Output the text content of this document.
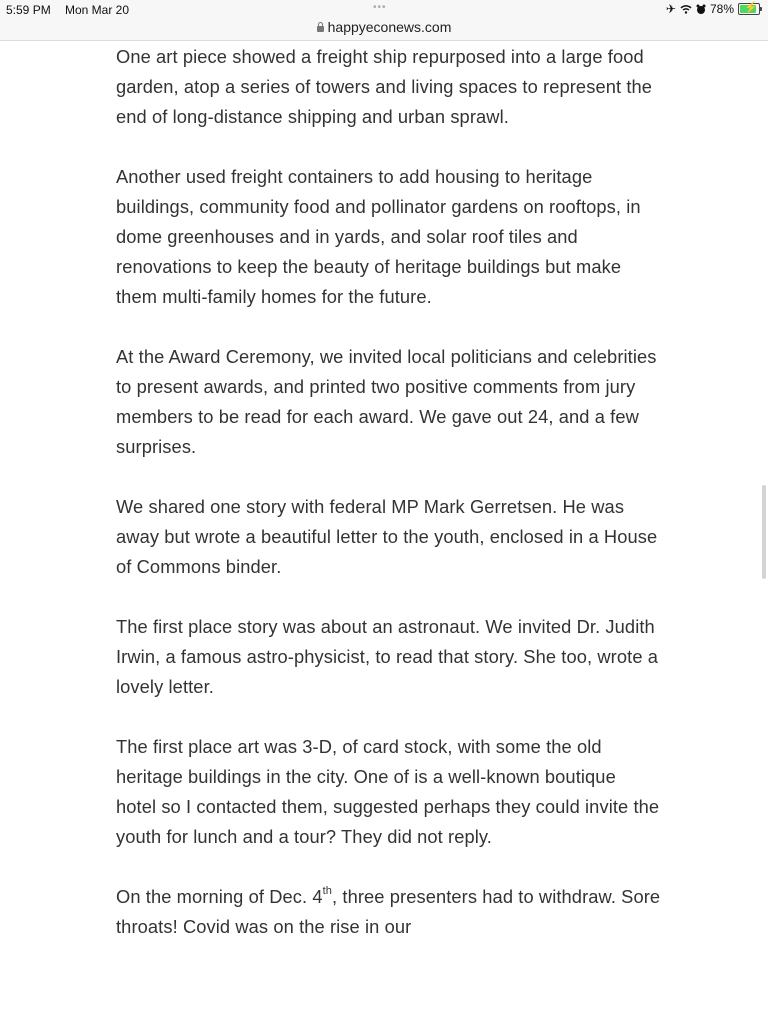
5:59 PM Mon Mar 20	•••
happyeconews.com
✈	78% ⚡

One art piece showed a freight ship repurposed into a large food garden, atop a series of towers and living spaces to represent the end of long-distance shipping and urban sprawl.

Another used freight containers to add housing to heritage buildings, community food and pollinator gardens on rooftops, in dome greenhouses and in yards, and solar roof tiles and renovations to keep the beauty of heritage buildings but make them multi-family homes for the future.

At the Award Ceremony, we invited local politicians and celebrities to present awards, and printed two positive comments from jury members to be read for each award. We gave out 24, and a few surprises.

We shared one story with federal MP Mark Gerretsen. He was away but wrote a beautiful letter to the youth, enclosed in a House of Commons binder.

The first place story was about an astronaut. We invited Dr. Judith Irwin, a famous astro-physicist, to read that story. She too, wrote a lovely letter.

The first place art was 3-D, of card stock, with some the old heritage buildings in the city. One of is a well-known boutique hotel so I contacted them, suggested perhaps they could invite the youth for lunch and a tour? They did not reply.

On the morning of Dec. 4th, three presenters had to withdraw. Sore throats! Covid was on the rise in our
